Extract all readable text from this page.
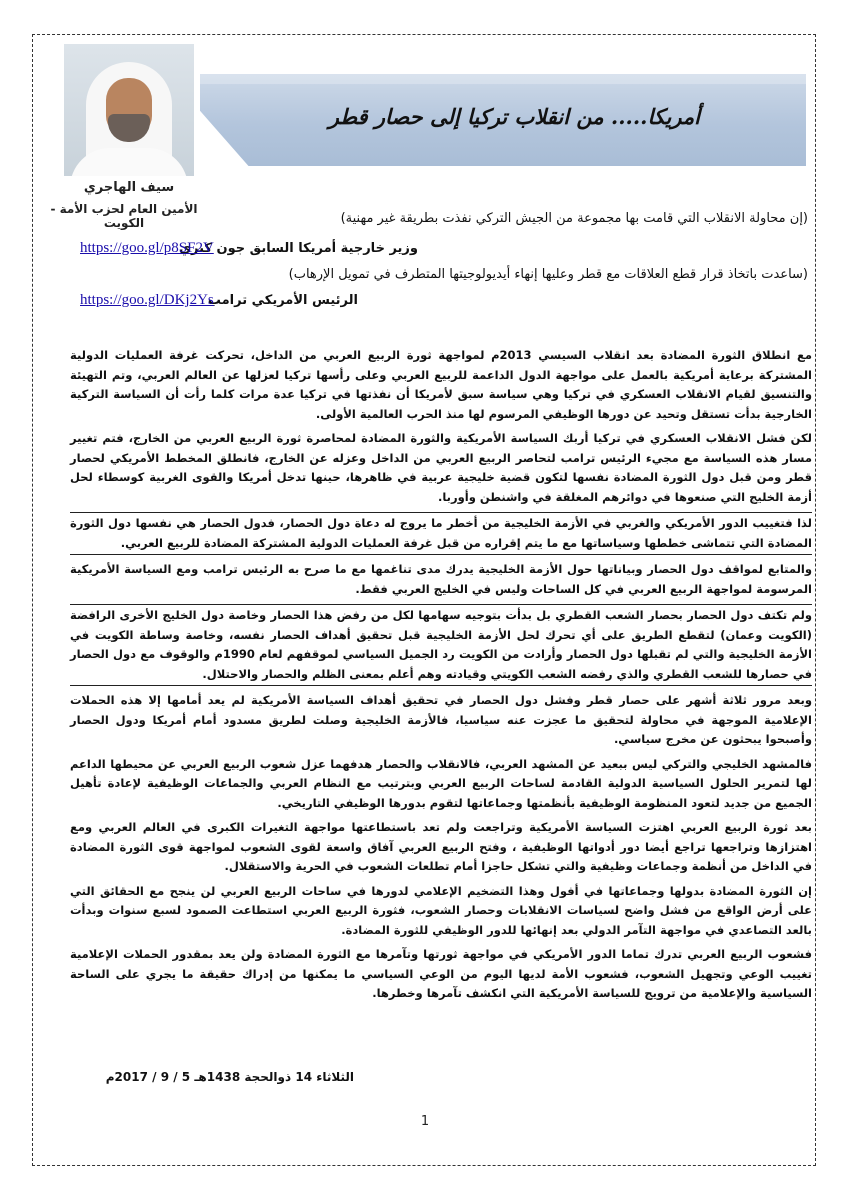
أمريكا..... من انقلاب تركيا إلى حصار قطر
سيف الهاجري
الأمين العام لحزب الأمة - الكويت	(إن محاولة الانقلاب التي قامت بها مجموعة من الجيش التركي نفذت بطريقة غير مهنية)
وزير خارجية أمريكا السابق جون كيري
https://goo.gl/p8SF2V
(ساعدت باتخاذ قرار قطع العلاقات مع قطر وعليها إنهاء أيديولوجيتها المتطرف في تمويل الإرهاب)
الرئيس الأمريكي ترامب
https://goo.gl/DKj2Ys

مع انطلاق الثورة المضادة بعد انقلاب السيسي 2013م لمواجهة ثورة الربيع العربي من الداخل، تحركت غرفة العمليات الدولية المشتركة برعاية أمريكية بالعمل على مواجهة الدول الداعمة للربيع العربي وعلى رأسها تركيا لعزلها عن العالم العربي، وتم التهيئة والتنسيق لقيام الانقلاب العسكري في تركيا وهي سياسة سبق لأمريكا أن نفذتها في تركيا عدة مرات كلما رأت أن السياسة التركية الخارجية بدأت تستقل وتحيد عن دورها الوظيفي المرسوم لها منذ الحرب العالمية الأولى.

لكن فشل الانقلاب العسكري في تركيا أربك السياسة الأمريكية والثورة المضادة لمحاصرة ثورة الربيع العربي من الخارج، فتم تغيير مسار هذه السياسة مع مجيء الرئيس ترامب لتحاصر الربيع العربي من الداخل وعزله عن الخارج، فانطلق المخطط الأمريكي لحصار قطر ومن قبل دول الثورة المضادة نفسها لتكون قضية خليجية عربية في ظاهرها، حينها تدخل أمريكا والقوى الغربية كوسطاء لحل أزمة الخليج التي صنعوها في دوائرهم المغلقة في واشنطن وأوربا.

لذا فتغييب الدور الأمريكي والغربي في الأزمة الخليجية من أخطر ما يروج له دعاة دول الحصار، فدول الحصار هي نفسها دول الثورة المضادة التي تتماشى خططها وسياساتها مع ما يتم إقراره من قبل غرفة العمليات الدولية المشتركة المضادة للربيع العربي.

والمتابع لمواقف دول الحصار وبياناتها حول الأزمة الخليجية يدرك مدى تناغمها مع ما صرح به الرئيس ترامب ومع السياسة الأمريكية المرسومة لمواجهة الربيع العربي في كل الساحات وليس في الخليج العربي فقط.

ولم تكتف دول الحصار بحصار الشعب القطري بل بدأت بتوجيه سهامها لكل من رفض هذا الحصار وخاصة دول الخليج الأخرى الرافضة (الكويت وعمان) لتقطع الطريق على أي تحرك لحل الأزمة الخليجية قبل تحقيق أهداف الحصار نفسه، وخاصة وساطة الكويت في الأزمة الخليجية والتي لم تقبلها دول الحصار وأرادت من الكويت رد الجميل السياسي لموقفهم لعام 1990م والوقوف مع دول الحصار في حصارها للشعب القطري والذي رفضه الشعب الكويتي وقيادته وهم أعلم بمعنى الظلم والحصار والاحتلال.

وبعد مرور ثلاثة أشهر على حصار قطر وفشل دول الحصار في تحقيق أهداف السياسة الأمريكية لم يعد أمامها إلا هذه الحملات الإعلامية الموجهة في محاولة لتحقيق ما عجزت عنه سياسيا، فالأزمة الخليجية وصلت لطريق مسدود أمام أمريكا ودول الحصار وأصبحوا يبحثون عن مخرج سياسي.

فالمشهد الخليجي والتركي ليس ببعيد عن المشهد العربي، فالانقلاب والحصار هدفهما عزل شعوب الربيع العربي عن محيطها الداعم لها لتمرير الحلول السياسية الدولية القادمة لساحات الربيع العربي وبترتيب مع النظام العربي والجماعات الوظيفية لإعادة تأهيل الجميع من جديد لتعود المنظومة الوظيفية بأنظمتها وجماعاتها لتقوم بدورها الوظيفي التاريخي.

بعد ثورة الربيع العربي اهتزت السياسة الأمريكية وتراجعت ولم تعد باستطاعتها مواجهة التغيرات الكبرى في العالم العربي ومع اهتزازها وتراجعها تراجع أيضا دور أدواتها الوظيفية ، وفتح الربيع العربي آفاق واسعة لقوى الشعوب لمواجهة قوى الثورة المضادة في الداخل من أنظمة وجماعات وظيفية والتي تشكل حاجزا أمام تطلعات الشعوب في الحرية والاستقلال.

إن الثورة المضادة بدولها وجماعاتها في أفول وهذا التضخيم الإعلامي لدورها في ساحات الربيع العربي لن ينجح مع الحقائق التي على أرض الواقع من فشل واضح لسياسات الانقلابات وحصار الشعوب، فثورة الربيع العربي استطاعت الصمود لسبع سنوات وبدأت بالعد التصاعدي في مواجهة التآمر الدولي بعد إنهائها للدور الوظيفي للثورة المضادة.

فشعوب الربيع العربي تدرك تماما الدور الأمريكي في مواجهة ثورتها وتآمرها مع الثورة المضادة ولن يعد بمقدور الحملات الإعلامية تغييب الوعي وتجهيل الشعوب، فشعوب الأمة لديها اليوم من الوعي السياسي ما يمكنها من إدراك حقيقة ما يجري على الساحة السياسية والإعلامية من ترويج للسياسة الأمريكية التي انكشف تآمرها وخطرها.

الثلاثاء 14 ذوالحجة 1438هـ 5 / 9 / 2017م
1
